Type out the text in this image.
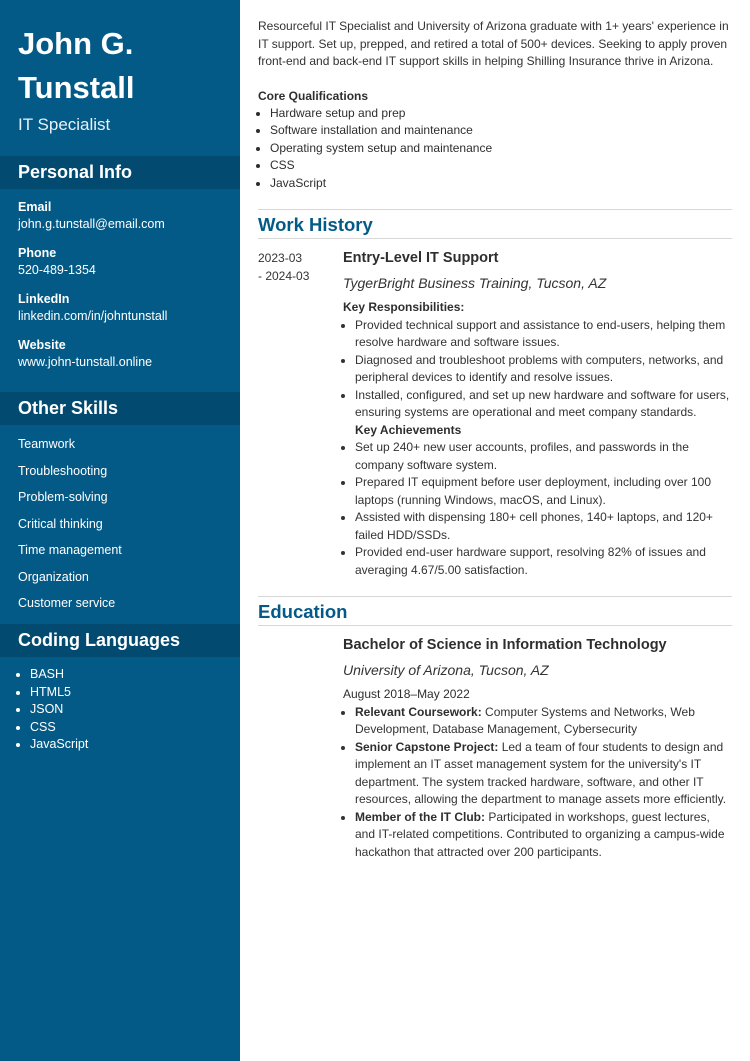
John G.
Tunstall
IT Specialist
Personal Info
Email
john.g.tunstall@email.com
Phone
520-489-1354
LinkedIn
linkedin.com/in/johntunstall
Website
www.john-tunstall.online
Other Skills
Teamwork
Troubleshooting
Problem-solving
Critical thinking
Time management
Organization
Customer service
Coding Languages
• BASH
• HTML5
• JSON
• CSS
• JavaScript

Resourceful IT Specialist and University of Arizona graduate with 1+ years' experience in IT support. Set up, prepped, and retired a total of 500+ devices. Seeking to apply proven front-end and back-end IT support skills in helping Shilling Insurance thrive in Arizona.

Core Qualifications
• Hardware setup and prep
• Software installation and maintenance
• Operating system setup and maintenance
• CSS
• JavaScript
Work History
2023-03
- 2024-03
Entry-Level IT Support
TygerBright Business Training, Tucson, AZ
Key Responsibilities:
• Provided technical support and assistance to end-users, helping them resolve hardware and software issues.
• Diagnosed and troubleshoot problems with computers, networks, and peripheral devices to identify and resolve issues.
• Installed, configured, and set up new hardware and software for users, ensuring systems are operational and meet company standards.
Key Achievements
• Set up 240+ new user accounts, profiles, and passwords in the company software system.
• Prepared IT equipment before user deployment, including over 100 laptops (running Windows, macOS, and Linux).
• Assisted with dispensing 180+ cell phones, 140+ laptops, and 120+ failed HDD/SSDs.
• Provided end-user hardware support, resolving 82% of issues and averaging 4.67/5.00 satisfaction.
Education
Bachelor of Science in Information Technology
University of Arizona, Tucson, AZ
August 2018–May 2022
• Relevant Coursework: Computer Systems and Networks, Web Development, Database Management, Cybersecurity
• Senior Capstone Project: Led a team of four students to design and implement an IT asset management system for the university's IT department. The system tracked hardware, software, and other IT resources, allowing the department to manage assets more efficiently.
• Member of the IT Club: Participated in workshops, guest lectures, and IT-related competitions. Contributed to organizing a campus-wide hackathon that attracted over 200 participants.
